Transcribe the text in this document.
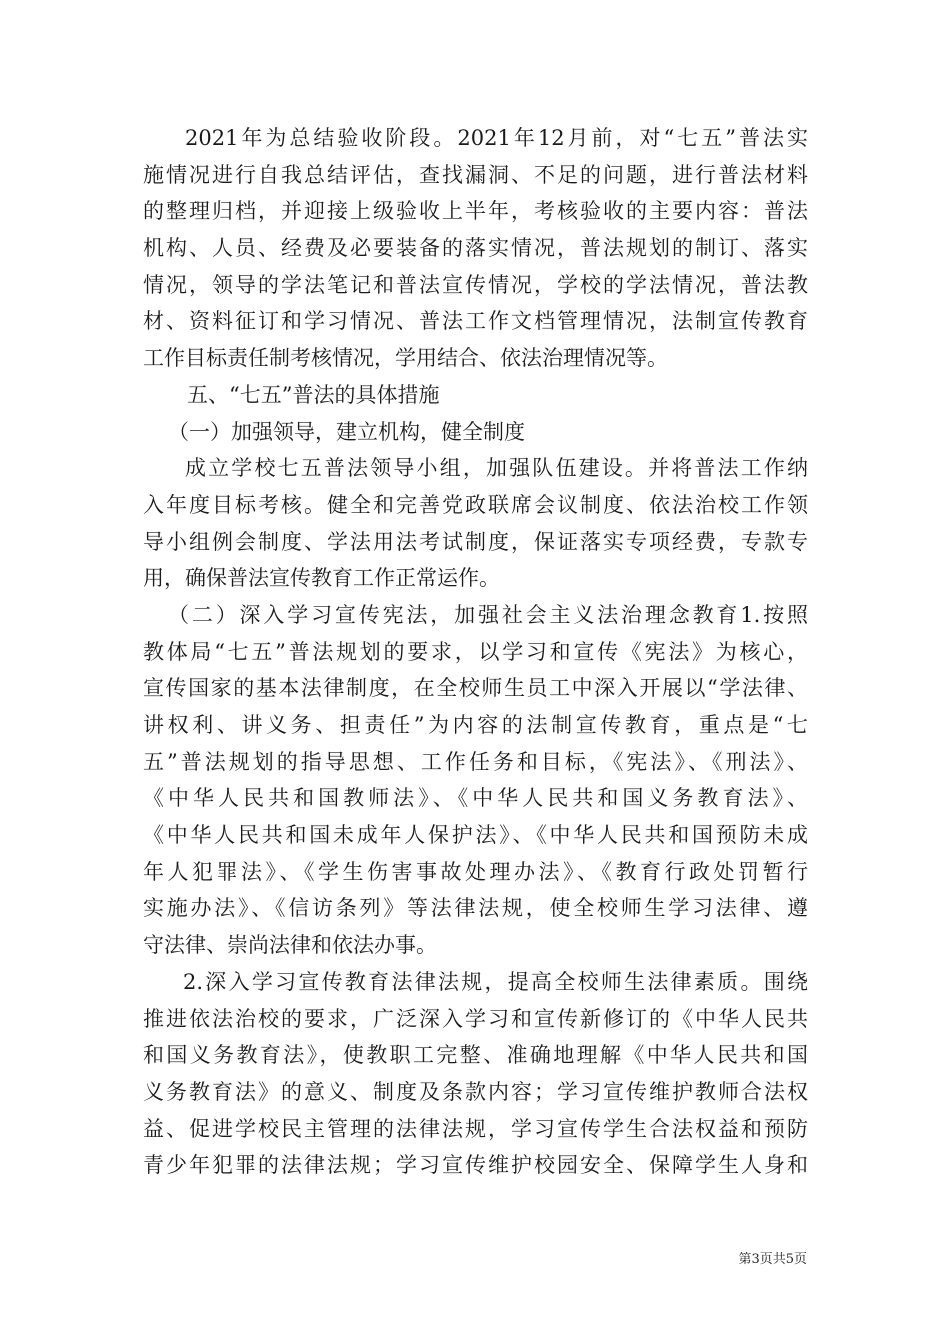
2021年为总结验收阶段。2021年12月前，对“七五”普法实
施情况进行自我总结评估，查找漏洞、不足的问题，进行普法材料
的整理归档，并迎接上级验收上半年，考核验收的主要内容：普法
机构、人员、经费及必要装备的落实情况，普法规划的制订、落实
情况，领导的学法笔记和普法宣传情况，学校的学法情况，普法教
材、资料征订和学习情况、普法工作文档管理情况，法制宣传教育
工作目标责任制考核情况，学用结合、依法治理情况等。
五、“七五”普法的具体措施
（一）加强领导，建立机构，健全制度
成立学校七五普法领导小组，加强队伍建设。并将普法工作纳
入年度目标考核。健全和完善党政联席会议制度、依法治校工作领
导小组例会制度、学法用法考试制度，保证落实专项经费，专款专
用，确保普法宣传教育工作正常运作。
（二）深入学习宣传宪法，加强社会主义法治理念教育1.按照
教体局“七五”普法规划的要求，以学习和宣传《宪法》为核心，
宣传国家的基本法律制度，在全校师生员工中深入开展以“学法律、
讲权利、讲义务、担责任”为内容的法制宣传教育，重点是“七
五”普法规划的指导思想、工作任务和目标，《宪法》、《刑法》、
《中华人民共和国教师法》、《中华人民共和国义务教育法》、
《中华人民共和国未成年人保护法》、《中华人民共和国预防未成
年人犯罪法》、《学生伤害事故处理办法》、《教育行政处罚暂行
实施办法》、《信访条列》等法律法规，使全校师生学习法律、遵
守法律、崇尚法律和依法办事。
2.深入学习宣传教育法律法规，提高全校师生法律素质。围绕
推进依法治校的要求，广泛深入学习和宣传新修订的《中华人民共
和国义务教育法》，使教职工完整、准确地理解《中华人民共和国
义务教育法》的意义、制度及条款内容；学习宣传维护教师合法权
益、促进学校民主管理的法律法规，学习宣传学生合法权益和预防
青少年犯罪的法律法规；学习宣传维护校园安全、保障学生人身和
第3页共5页
